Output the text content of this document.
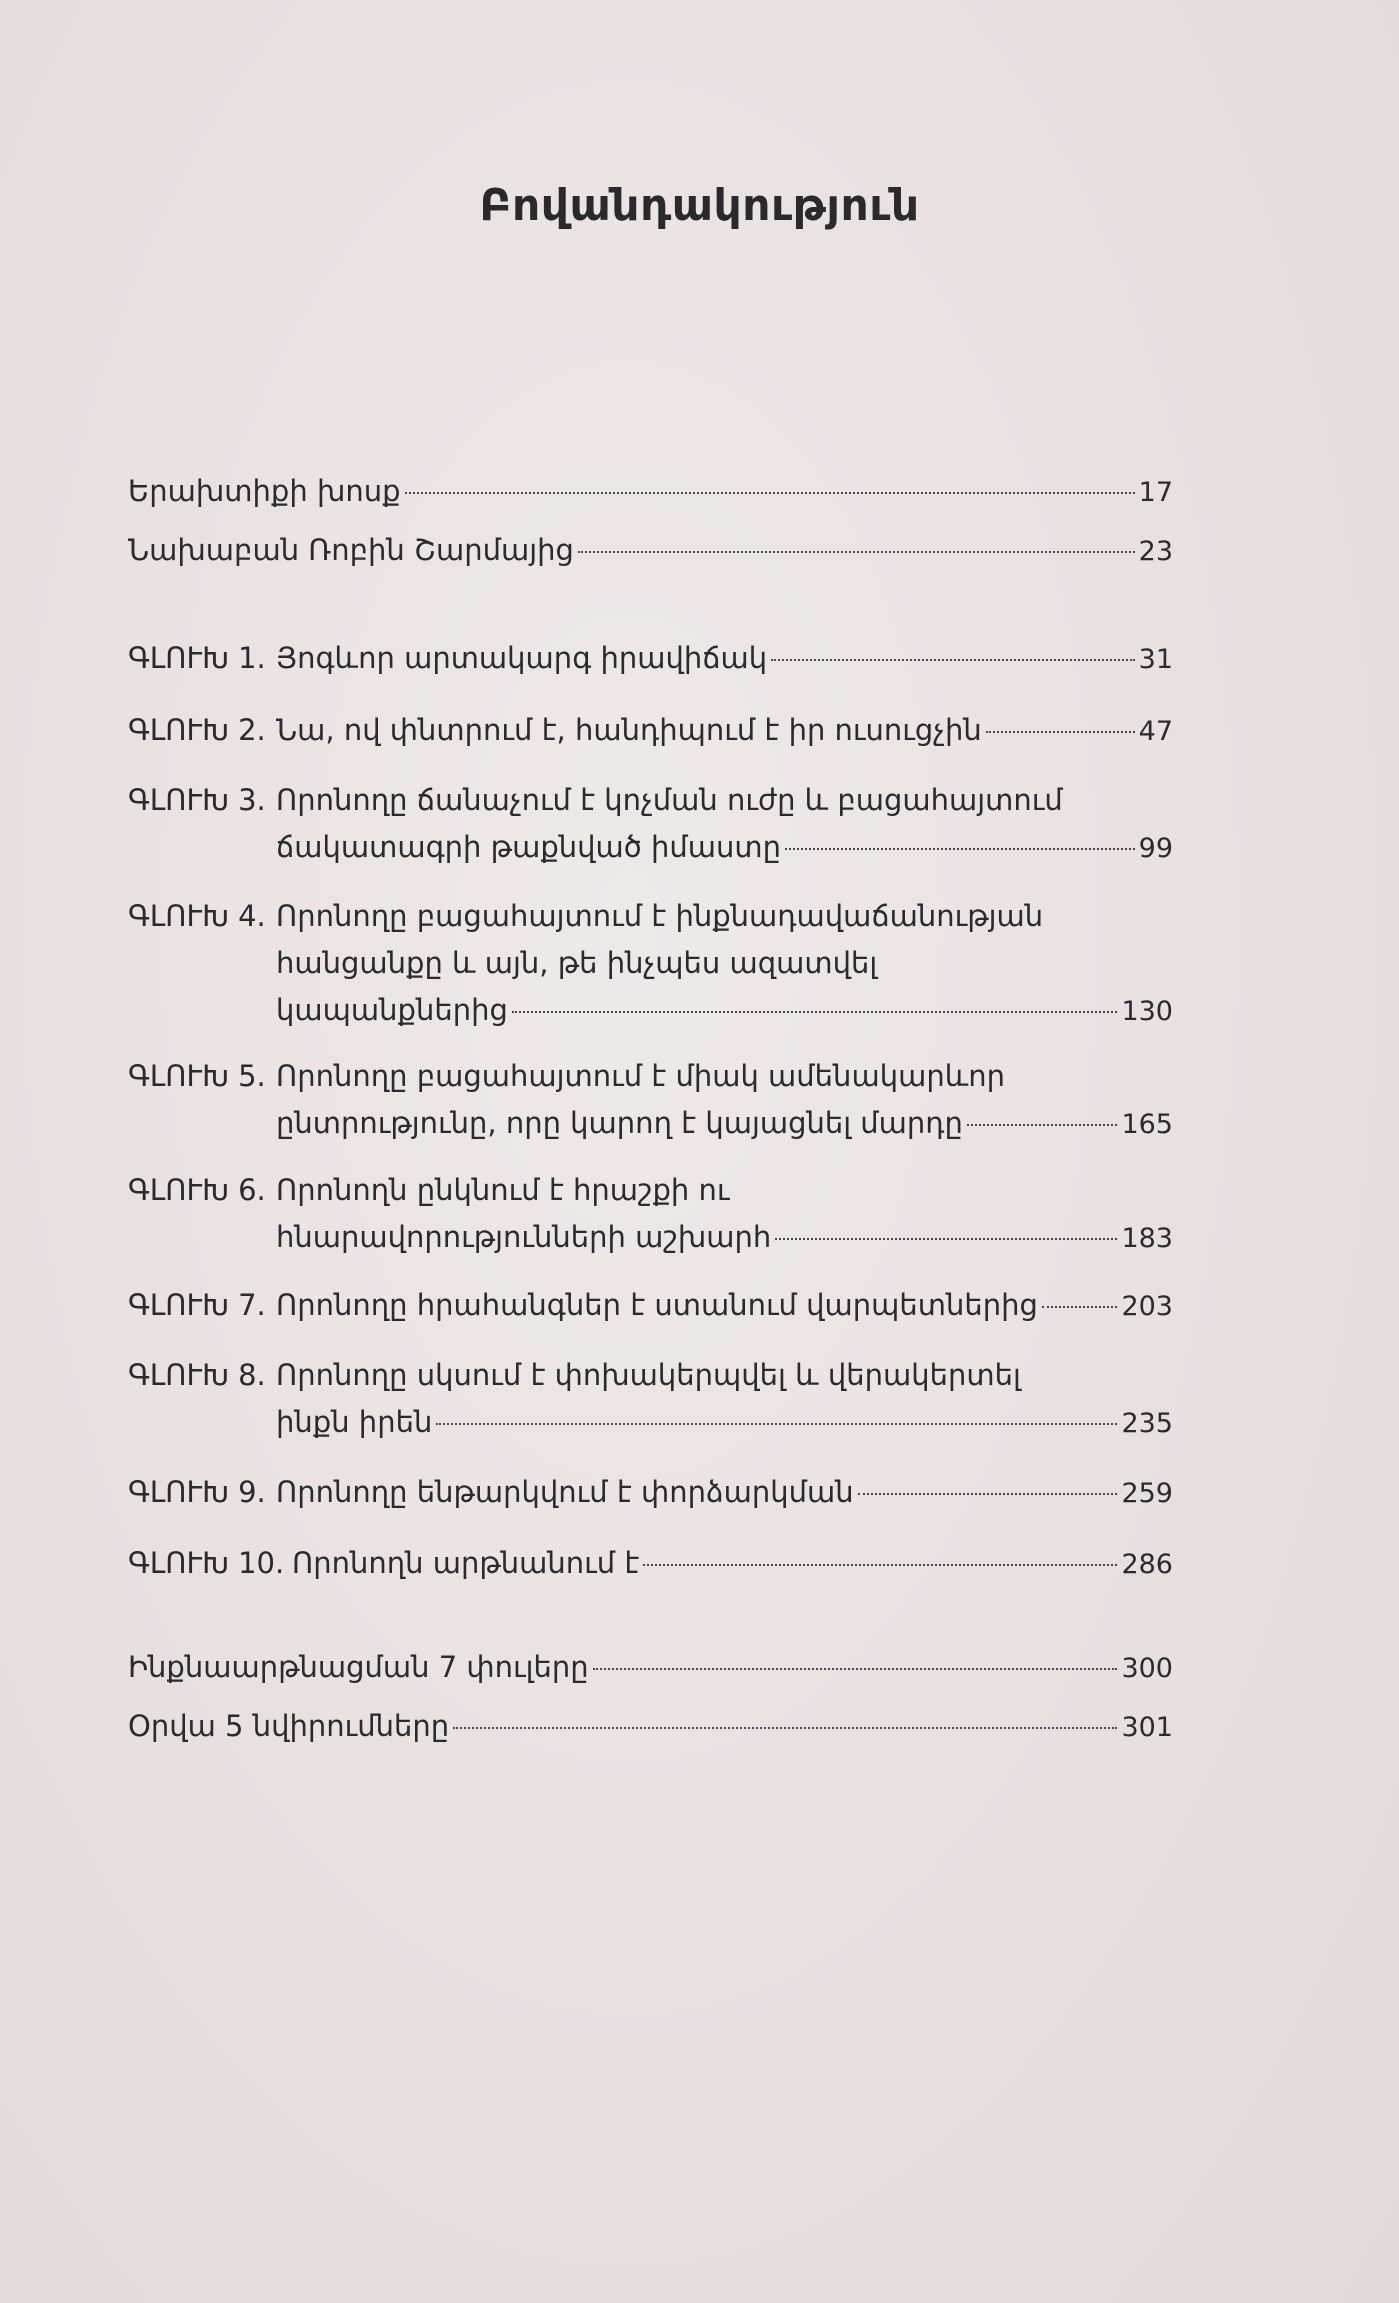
Բովանդակություն
Երախտիքի խոսք	17
Նախաբան Ռոբին Շարմայից	23
ԳԼՈՒԽ 1. Յոգևոր արտակարգ իրավիճակ	31
ԳԼՈՒԽ 2. Նա, ով փնտրում է, հանդիպում է իր ուսուցչին	47
ԳԼՈՒԽ 3. Որոնողը ճանաչում է կոչման ուժը և բացահայտում
ճակատագրի թաքնված իմաստը	99
ԳԼՈՒԽ 4. Որոնողը բացահայտում է ինքնադավաճանության
հանցանքը և այն, թե ինչպես ազատվել
կապանքներից	130
ԳԼՈՒԽ 5. Որոնողը բացահայտում է միակ ամենակարևոր
ընտրությունը, որը կարող է կայացնել մարդը	165
ԳԼՈՒԽ 6. Որոնողն ընկնում է հրաշքի ու
հնարավորությունների աշխարհ	183
ԳԼՈՒԽ 7. Որոնողը հրահանգներ է ստանում վարպետներից	203
ԳԼՈՒԽ 8. Որոնողը սկսում է փոխակերպվել և վերակերտել
ինքն իրեն	235
ԳԼՈՒԽ 9. Որոնողը ենթարկվում է փորձարկման	259
ԳԼՈՒԽ 10. Որոնողն արթնանում է	286
Ինքնաարթնացման 7 փուլերը	300
Օրվա 5 նվիրումները	301
